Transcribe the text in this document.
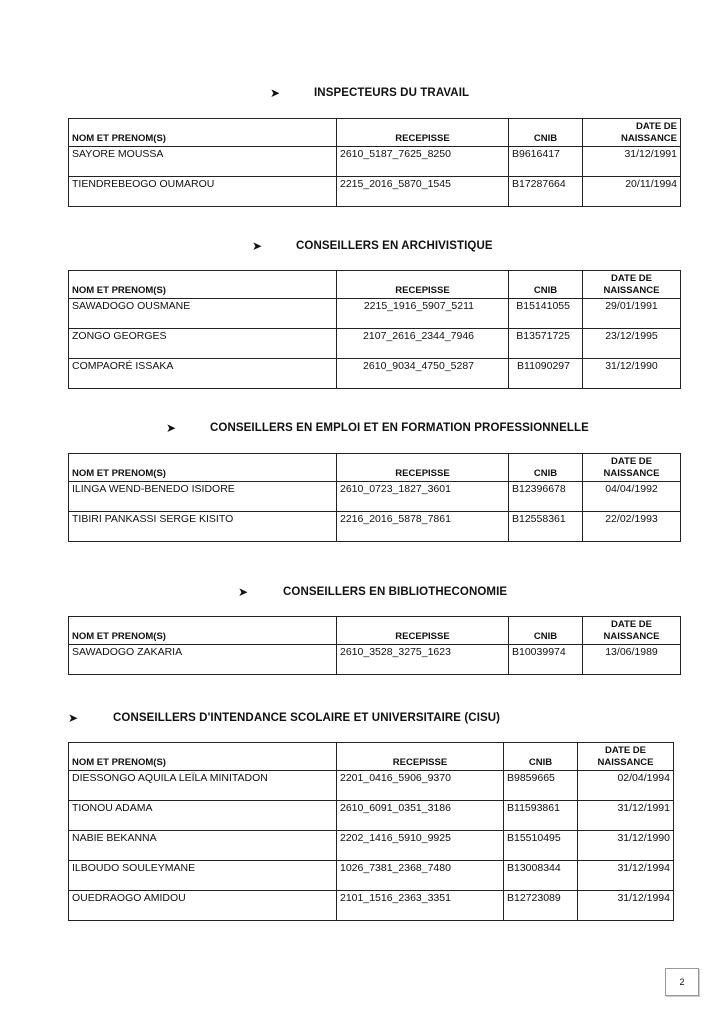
➤	INSPECTEURS DU TRAVAIL
NOM ET PRENOM(S)	RECEPISSE	CNIB	DATE DE
NAISSANCE
SAYORE MOUSSA	2610_5187_7625_8250	B9616417	31/12/1991
TIENDREBEOGO OUMAROU	2215_2016_5870_1545	B17287664	20/11/1994
➤	CONSEILLERS EN ARCHIVISTIQUE
NOM ET PRENOM(S)	RECEPISSE	CNIB	DATE DE
NAISSANCE
SAWADOGO OUSMANE	2215_1916_5907_5211	B15141055	29/01/1991
ZONGO GEORGES	2107_2616_2344_7946	B13571725	23/12/1995
COMPAORÉ ISSAKA	2610_9034_4750_5287	B11090297	31/12/1990
➤	CONSEILLERS EN EMPLOI ET EN FORMATION PROFESSIONNELLE
NOM ET PRENOM(S)	RECEPISSE	CNIB	DATE DE
NAISSANCE
ILINGA WEND-BENEDO ISIDORE	2610_0723_1827_3601	B12396678	04/04/1992
TIBIRI PANKASSI SERGE KISITO	2216_2016_5878_7861	B12558361	22/02/1993
➤	CONSEILLERS EN BIBLIOTHECONOMIE
NOM ET PRENOM(S)	RECEPISSE	CNIB	DATE DE
NAISSANCE
SAWADOGO ZAKARIA	2610_3528_3275_1623	B10039974	13/06/1989
➤	CONSEILLERS D'INTENDANCE SCOLAIRE ET UNIVERSITAIRE (CISU)
NOM ET PRENOM(S)	RECEPISSE	CNIB	DATE DE
NAISSANCE
DIESSONGO AQUILA LEÏLA MINITADON	2201_0416_5906_9370	B9859665	02/04/1994
TIONOU ADAMA	2610_6091_0351_3186	B11593861	31/12/1991
NABIE BEKANNA	2202_1416_5910_9925	B15510495	31/12/1990
ILBOUDO SOULEYMANE	1026_7381_2368_7480	B13008344	31/12/1994
OUEDRAOGO AMIDOU	2101_1516_2363_3351	B12723089	31/12/1994
2
